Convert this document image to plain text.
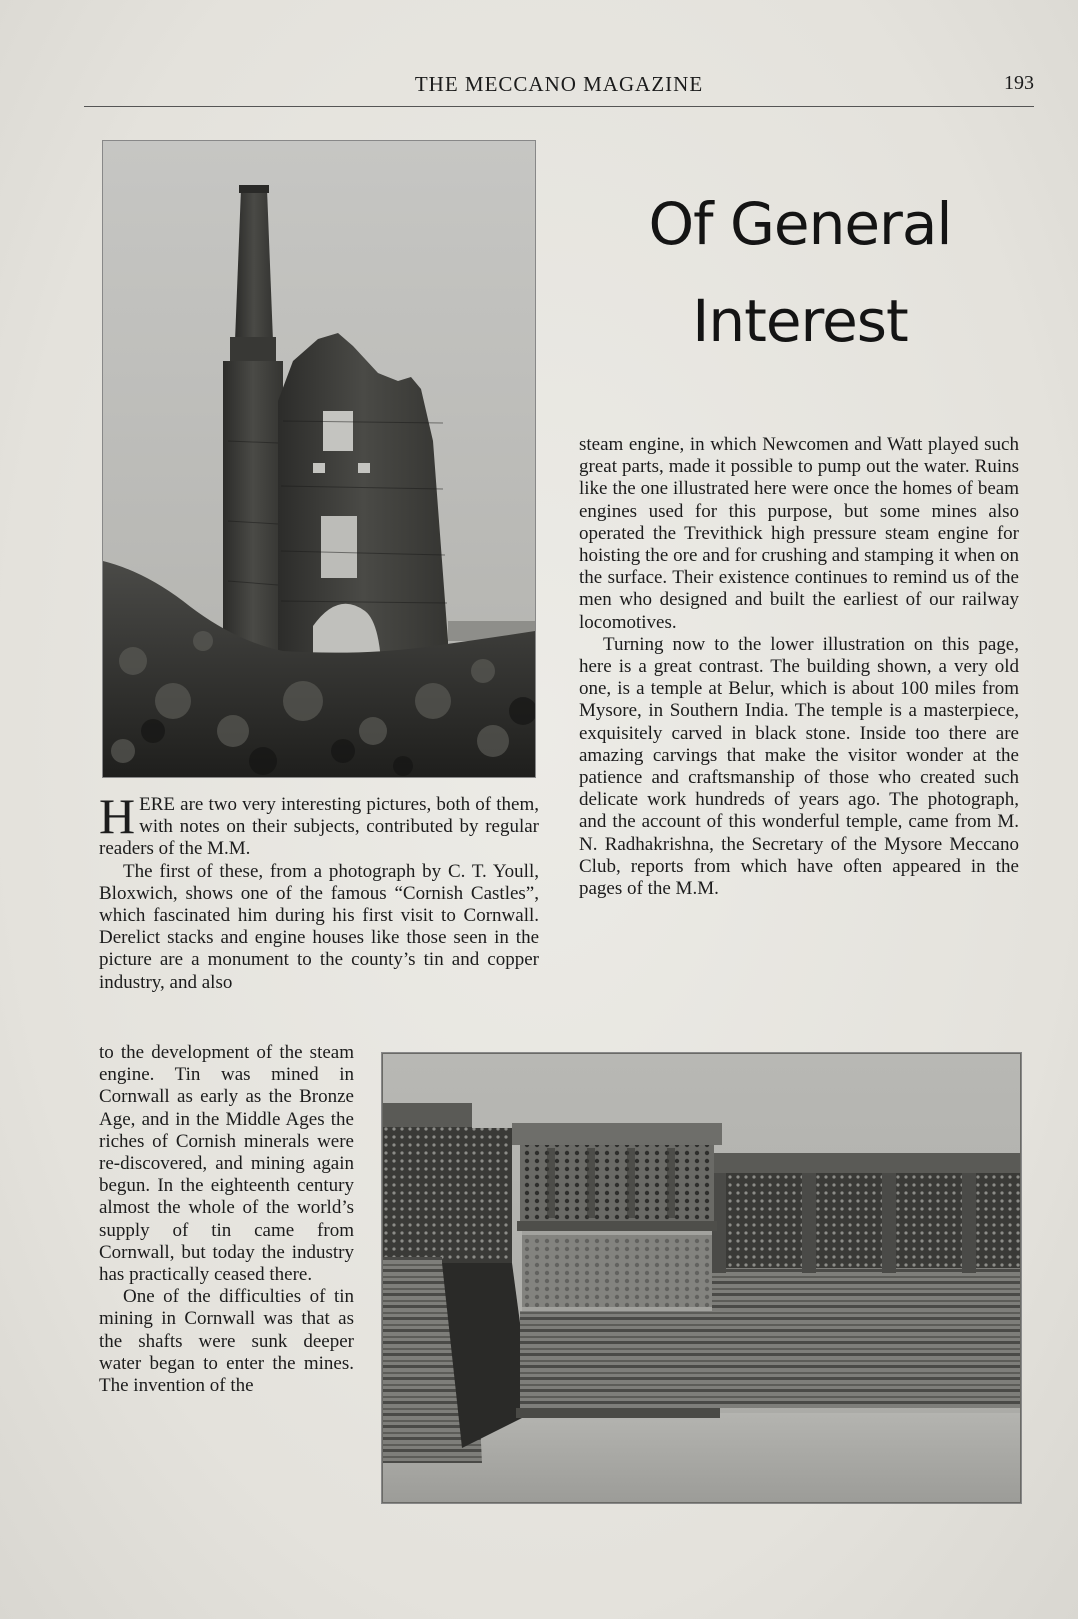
THE MECCANO MAGAZINE	193
Of General
Interest

steam engine, in which Newcomen and Watt played such great parts, made it possible to pump out the water. Ruins like the one illustrated here were once the homes of beam engines used for this purpose, but some mines also operated the Trevithick high pressure steam engine for hoisting the ore and for crushing and stamping it when on the surface. Their existence continues to remind us of the men who designed and built the earliest of our railway locomotives.

Turning now to the lower illustration on this page, here is a great contrast. The building shown, a very old one, is a temple at Belur, which is about 100 miles from Mysore, in Southern India. The temple is a masterpiece, exquisitely carved in black stone. Inside too there are amazing carvings that make the visitor wonder at the patience and craftsmanship of those who created such delicate work hundreds of years ago. The photograph, and the account of this wonderful temple, came from M. N. Radhakrishna, the Secretary of the Mysore Meccano Club, reports from which have often appeared in the pages of the M.M.

HERE are two very interesting pictures, both of them, with notes on their subjects, contributed by regular readers of the M.M.

The first of these, from a photograph by C. T. Youll, Bloxwich, shows one of the famous “Cornish Castles”, which fascinated him during his first visit to Cornwall. Derelict stacks and engine houses like those seen in the picture are a monument to the county’s tin and copper industry, and also

to the development of the steam engine. Tin was mined in Cornwall as early as the Bronze Age, and in the Middle Ages the riches of Cornish minerals were re-discovered, and mining again begun. In the eighteenth century almost the whole of the world’s supply of tin came from Cornwall, but today the industry has practically ceased there.

One of the difficulties of tin mining in Cornwall was that as the shafts were sunk deeper water began to enter the mines. The invention of the
